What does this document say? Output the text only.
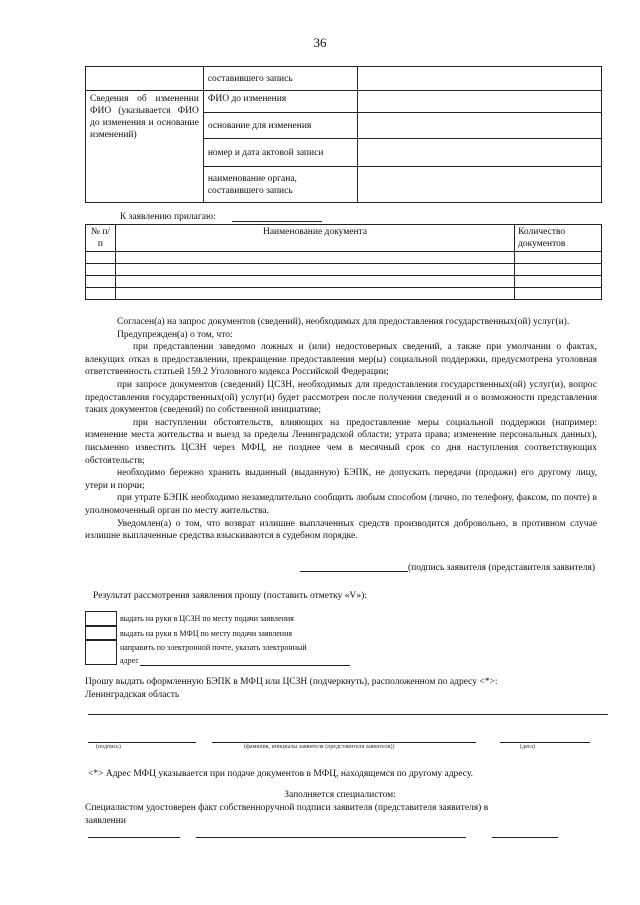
36
	составившего запись	
Сведения об изменении ФИО (указывается ФИО до изменения и основание изменений)	ФИО до изменения	
	основание для изменения	
	номер и дата актовой записи	
	наименование органа, составившего запись	
К заявлению прилагаю:
№ п/п	Наименование документа	Количество документов

Согласен(а) на запрос документов (сведений), необходимых для предоставления государственных(ой) услуг(и).

Предупрежден(а) о том, что:

при представлении заведомо ложных и (или) недостоверных сведений, а также при умолчании о фактах, влекущих отказ в предоставлении, прекращение предоставления мер(ы) социальной поддержки, предусмотрена уголовная ответственность статьей 159.2 Уголовного кодекса Российской Федерации;

при запросе документов (сведений) ЦСЗН, необходимых для предоставления государственных(ой) услуг(и), вопрос предоставления государственных(ой) услуг(и) будет рассмотрен после получения сведений и о возможности представления таких документов (сведений) по собственной инициативе;

при наступлении обстоятельств, влияющих на предоставление меры социальной поддержки (например: изменение места жительства и выезд за пределы Ленинградской области; утрата права; изменение персональных данных), письменно известить ЦСЗН через МФЦ, не позднее чем в месячный срок со дня наступления соответствующих обстоятельств;

необходимо бережно хранить выданный (выданную) БЭПК, не допускать передачи (продажи) его другому лицу, утери и порчи;

при утрате БЭПК необходимо незамедлительно сообщить любым способом (лично, по телефону, факсом, по почте) в уполномоченный орган по месту жительства.

Уведомлен(а) о том, что возврат излишне выплаченных средств производится добровольно, в противном случае излишне выплаченные средства взыскиваются в судебном порядке.

(подпись заявителя (представителя заявителя)
Результат рассмотрения заявления прошу (поставить отметку «V»):
выдать на руки в ЦСЗН по месту подачи заявления
выдать на руки в МФЦ по месту подачи заявления
направить по электронной почте, указать электронный
адрес
Прошу выдать оформленную БЭПК в МФЦ или ЦСЗН (подчеркнуть), расположенном по адресу <*>:
Ленинградская область
(подпись)	(фамилия, инициалы заявителя (представителя заявителя))	(дата)
<*> Адрес МФЦ указывается при подаче документов в МФЦ, находящемся по другому адресу.
Заполняется специалистом:
Специалистом удостоверен факт собственноручной подписи заявителя (представителя заявителя) в заявлении
